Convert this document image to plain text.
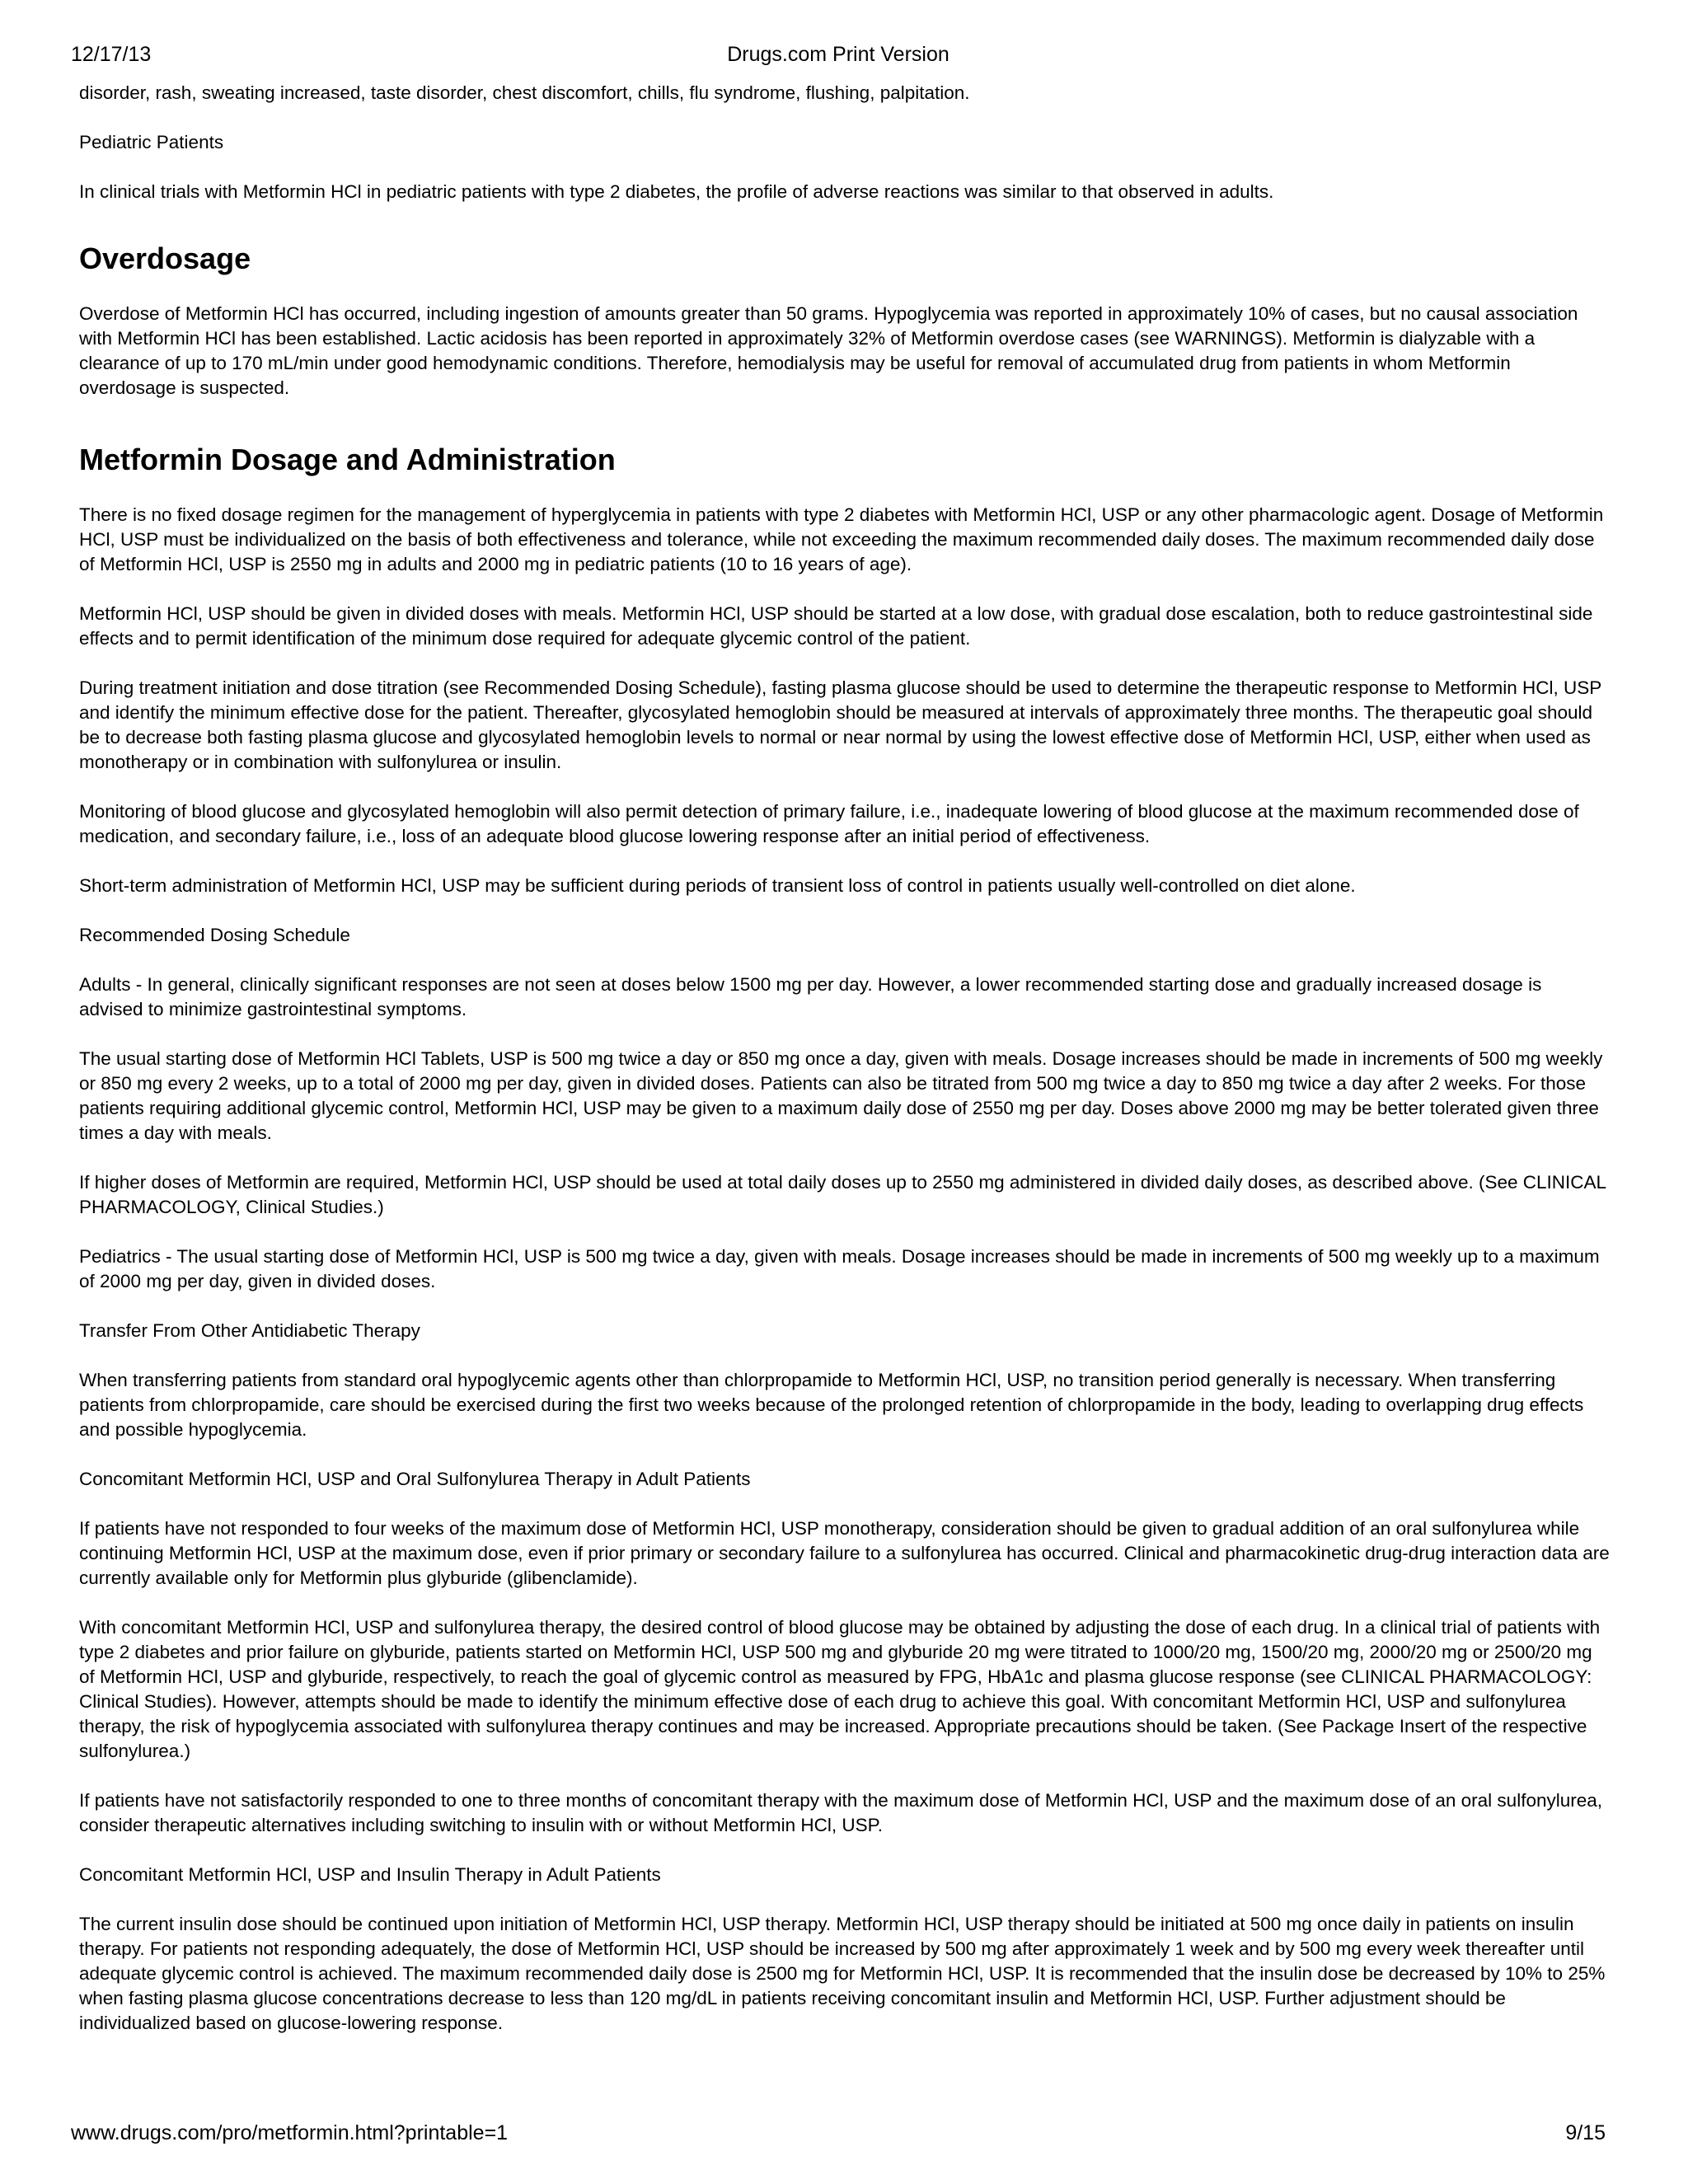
12/17/13	Drugs.com Print Version

disorder, rash, sweating increased, taste disorder, chest discomfort, chills, flu syndrome, flushing, palpitation.

Pediatric Patients

In clinical trials with Metformin HCl in pediatric patients with type 2 diabetes, the profile of adverse reactions was similar to that observed in adults.

Overdosage

Overdose of Metformin HCl has occurred, including ingestion of amounts greater than 50 grams. Hypoglycemia was reported in approximately 10% of cases, but no causal association with Metformin HCl has been established. Lactic acidosis has been reported in approximately 32% of Metformin overdose cases (see WARNINGS). Metformin is dialyzable with a clearance of up to 170 mL/min under good hemodynamic conditions. Therefore, hemodialysis may be useful for removal of accumulated drug from patients in whom Metformin overdosage is suspected.

Metformin Dosage and Administration

There is no fixed dosage regimen for the management of hyperglycemia in patients with type 2 diabetes with Metformin HCl, USP or any other pharmacologic agent. Dosage of Metformin HCl, USP must be individualized on the basis of both effectiveness and tolerance, while not exceeding the maximum recommended daily doses. The maximum recommended daily dose of Metformin HCl, USP is 2550 mg in adults and 2000 mg in pediatric patients (10 to 16 years of age).

Metformin HCl, USP should be given in divided doses with meals. Metformin HCl, USP should be started at a low dose, with gradual dose escalation, both to reduce gastrointestinal side effects and to permit identification of the minimum dose required for adequate glycemic control of the patient.

During treatment initiation and dose titration (see Recommended Dosing Schedule), fasting plasma glucose should be used to determine the therapeutic response to Metformin HCl, USP and identify the minimum effective dose for the patient. Thereafter, glycosylated hemoglobin should be measured at intervals of approximately three months. The therapeutic goal should be to decrease both fasting plasma glucose and glycosylated hemoglobin levels to normal or near normal by using the lowest effective dose of Metformin HCl, USP, either when used as monotherapy or in combination with sulfonylurea or insulin.

Monitoring of blood glucose and glycosylated hemoglobin will also permit detection of primary failure, i.e., inadequate lowering of blood glucose at the maximum recommended dose of medication, and secondary failure, i.e., loss of an adequate blood glucose lowering response after an initial period of effectiveness.

Short-term administration of Metformin HCl, USP may be sufficient during periods of transient loss of control in patients usually well-controlled on diet alone.

Recommended Dosing Schedule

Adults - In general, clinically significant responses are not seen at doses below 1500 mg per day. However, a lower recommended starting dose and gradually increased dosage is advised to minimize gastrointestinal symptoms.

The usual starting dose of Metformin HCl Tablets, USP is 500 mg twice a day or 850 mg once a day, given with meals. Dosage increases should be made in increments of 500 mg weekly or 850 mg every 2 weeks, up to a total of 2000 mg per day, given in divided doses. Patients can also be titrated from 500 mg twice a day to 850 mg twice a day after 2 weeks. For those patients requiring additional glycemic control, Metformin HCl, USP may be given to a maximum daily dose of 2550 mg per day. Doses above 2000 mg may be better tolerated given three times a day with meals.

If higher doses of Metformin are required, Metformin HCl, USP should be used at total daily doses up to 2550 mg administered in divided daily doses, as described above. (See CLINICAL PHARMACOLOGY, Clinical Studies.)

Pediatrics - The usual starting dose of Metformin HCl, USP is 500 mg twice a day, given with meals. Dosage increases should be made in increments of 500 mg weekly up to a maximum of 2000 mg per day, given in divided doses.

Transfer From Other Antidiabetic Therapy

When transferring patients from standard oral hypoglycemic agents other than chlorpropamide to Metformin HCl, USP, no transition period generally is necessary. When transferring patients from chlorpropamide, care should be exercised during the first two weeks because of the prolonged retention of chlorpropamide in the body, leading to overlapping drug effects and possible hypoglycemia.

Concomitant Metformin HCl, USP and Oral Sulfonylurea Therapy in Adult Patients

If patients have not responded to four weeks of the maximum dose of Metformin HCl, USP monotherapy, consideration should be given to gradual addition of an oral sulfonylurea while continuing Metformin HCl, USP at the maximum dose, even if prior primary or secondary failure to a sulfonylurea has occurred. Clinical and pharmacokinetic drug-drug interaction data are currently available only for Metformin plus glyburide (glibenclamide).

With concomitant Metformin HCl, USP and sulfonylurea therapy, the desired control of blood glucose may be obtained by adjusting the dose of each drug. In a clinical trial of patients with type 2 diabetes and prior failure on glyburide, patients started on Metformin HCl, USP 500 mg and glyburide 20 mg were titrated to 1000/20 mg, 1500/20 mg, 2000/20 mg or 2500/20 mg of Metformin HCl, USP and glyburide, respectively, to reach the goal of glycemic control as measured by FPG, HbA1c and plasma glucose response (see CLINICAL PHARMACOLOGY: Clinical Studies). However, attempts should be made to identify the minimum effective dose of each drug to achieve this goal. With concomitant Metformin HCl, USP and sulfonylurea therapy, the risk of hypoglycemia associated with sulfonylurea therapy continues and may be increased. Appropriate precautions should be taken. (See Package Insert of the respective sulfonylurea.)

If patients have not satisfactorily responded to one to three months of concomitant therapy with the maximum dose of Metformin HCl, USP and the maximum dose of an oral sulfonylurea, consider therapeutic alternatives including switching to insulin with or without Metformin HCl, USP.

Concomitant Metformin HCl, USP and Insulin Therapy in Adult Patients

The current insulin dose should be continued upon initiation of Metformin HCl, USP therapy. Metformin HCl, USP therapy should be initiated at 500 mg once daily in patients on insulin therapy. For patients not responding adequately, the dose of Metformin HCl, USP should be increased by 500 mg after approximately 1 week and by 500 mg every week thereafter until adequate glycemic control is achieved. The maximum recommended daily dose is 2500 mg for Metformin HCl, USP. It is recommended that the insulin dose be decreased by 10% to 25% when fasting plasma glucose concentrations decrease to less than 120 mg/dL in patients receiving concomitant insulin and Metformin HCl, USP. Further adjustment should be individualized based on glucose-lowering response.

www.drugs.com/pro/metformin.html?printable=1	9/15
